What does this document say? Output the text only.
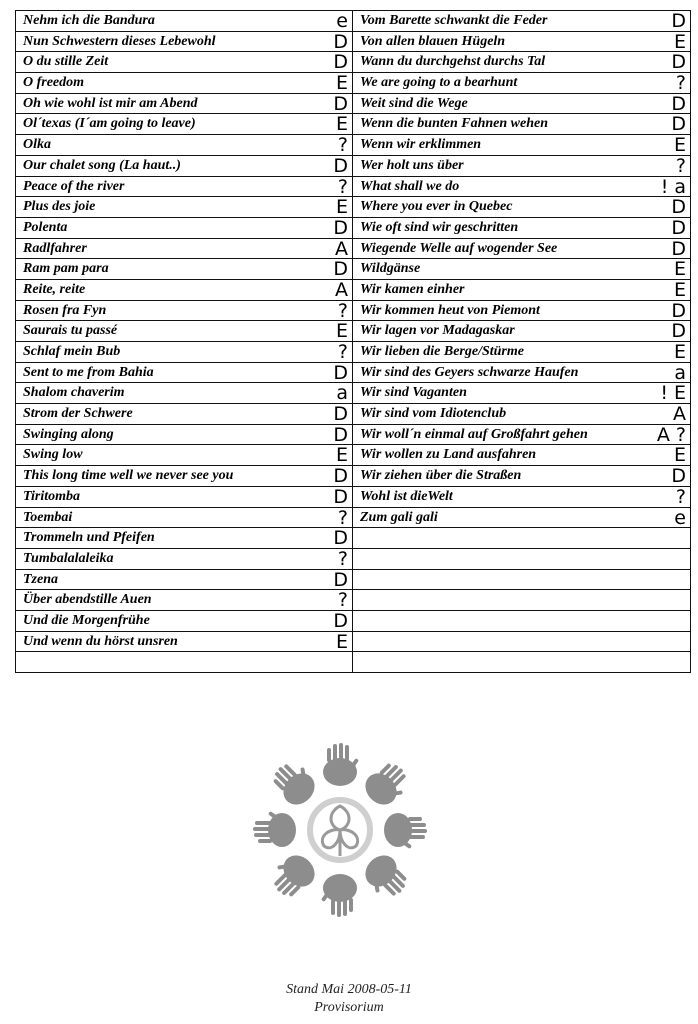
Nehm ich die Bandura e	Vom Barette schwankt die Feder D

Nun Schwestern dieses Lebewohl D	Von allen blauen Hügeln E

O du stille Zeit D	Wann du durchgehst durchs Tal D

O freedom E	We are going to a bearhunt ?

Oh wie wohl ist mir am Abend D	Weit sind die Wege D

Ol´texas (I´am going to leave) E	Wenn die bunten Fahnen wehen D

Olka ?	Wenn wir erklimmen E

Our chalet song (La haut..) D	Wer holt uns über ?

Peace of the river ?	What shall we do ! a

Plus des joie E	Where you ever in Quebec D

Polenta D	Wie oft sind wir geschritten D

Radlfahrer A	Wiegende Welle auf wogender See D

Ram pam para D	Wildgänse E

Reite, reite A	Wir kamen einher E

Rosen fra Fyn ?	Wir kommen heut von Piemont D

Saurais tu passé E	Wir lagen vor Madagaskar D

Schlaf mein Bub ?	Wir lieben die Berge/Stürme E

Sent to me from Bahia D	Wir sind des Geyers schwarze Haufen a

Shalom chaverim a	Wir sind Vaganten ! E

Strom der Schwere D	Wir sind vom Idiotenclub A

Swinging along D	Wir woll´n einmal auf Großfahrt gehen A ?

Swing low E	Wir wollen zu Land ausfahren E

This long time well we never see you D	Wir ziehen über die Straßen D

Tiritomba D	Wohl ist dieWelt ?

Toembai ?	Zum gali gali e

Trommeln und Pfeifen D	

Tumbalalaleika ?	

Tzena D	

Über abendstille Auen ?	

Und die Morgenfrühe D	

Und wenn du hörst unsren E	

Stand Mai 2008-05-11
Provisorium
